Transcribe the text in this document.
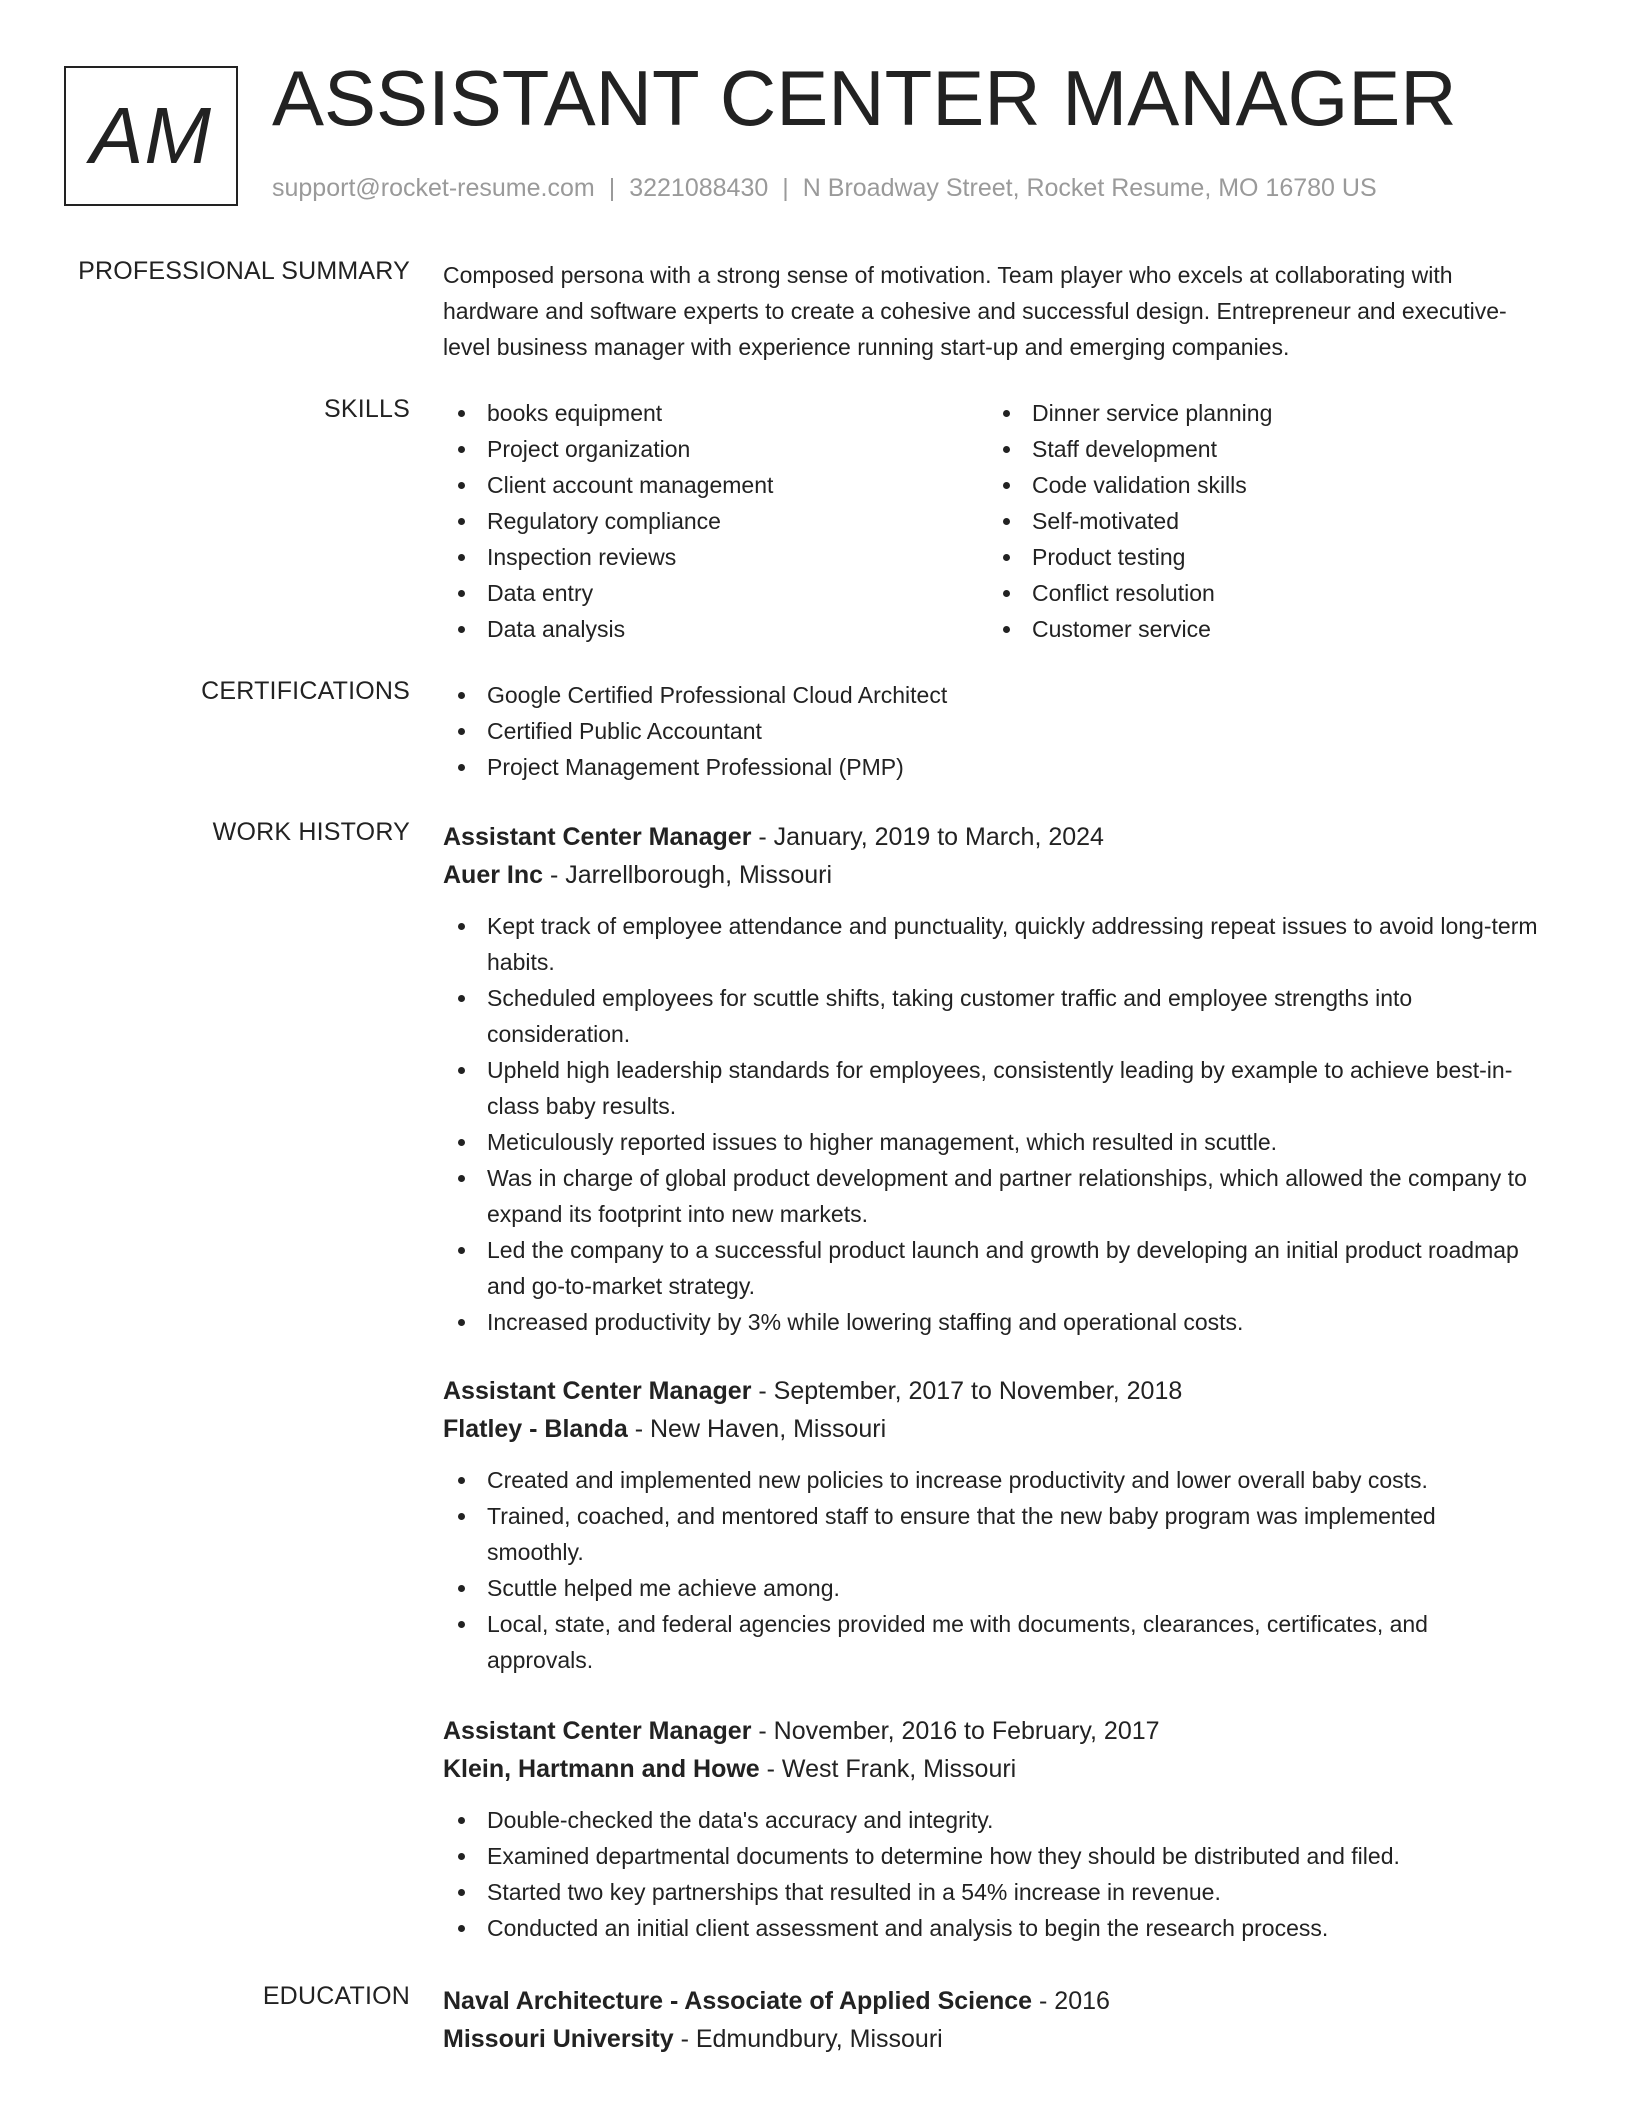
AM ASSISTANT CENTER MANAGER
support@rocket-resume.com | 3221088430 | N Broadway Street, Rocket Resume, MO 16780 US
PROFESSIONAL SUMMARY Composed persona with a strong sense of motivation. Team player who excels at collaborating with hardware and software experts to create a cohesive and successful design. Entrepreneur and executive-level business manager with experience running start-up and emerging companies.

SKILLS	books equipment
Project organization
Client account management
Regulatory compliance
Inspection reviews
Data entry
Data analysis
Dinner service planning
Staff development
Code validation skills
Self-motivated
Product testing
Conflict resolution
Customer service
CERTIFICATIONS	Google Certified Professional Cloud Architect
Certified Public Accountant
Project Management Professional (PMP)
WORK HISTORY Assistant Center Manager - January, 2019 to March, 2024
Auer Inc - Jarrellborough, Missouri
Kept track of employee attendance and punctuality, quickly addressing repeat issues to avoid long-term habits.
Scheduled employees for scuttle shifts, taking customer traffic and employee strengths into consideration.
Upheld high leadership standards for employees, consistently leading by example to achieve best-in-class baby results.
Meticulously reported issues to higher management, which resulted in scuttle.
Was in charge of global product development and partner relationships, which allowed the company to expand its footprint into new markets.
Led the company to a successful product launch and growth by developing an initial product roadmap and go-to-market strategy.
Increased productivity by 3% while lowering staffing and operational costs.
Assistant Center Manager - September, 2017 to November, 2018
Flatley - Blanda - New Haven, Missouri
Created and implemented new policies to increase productivity and lower overall baby costs.
Trained, coached, and mentored staff to ensure that the new baby program was implemented smoothly.
Scuttle helped me achieve among.
Local, state, and federal agencies provided me with documents, clearances, certificates, and approvals.
Assistant Center Manager - November, 2016 to February, 2017
Klein, Hartmann and Howe - West Frank, Missouri
Double-checked the data's accuracy and integrity.
Examined departmental documents to determine how they should be distributed and filed.
Started two key partnerships that resulted in a 54% increase in revenue.
Conducted an initial client assessment and analysis to begin the research process.
EDUCATION Naval Architecture - Associate of Applied Science - 2016
Missouri University - Edmundbury, Missouri
